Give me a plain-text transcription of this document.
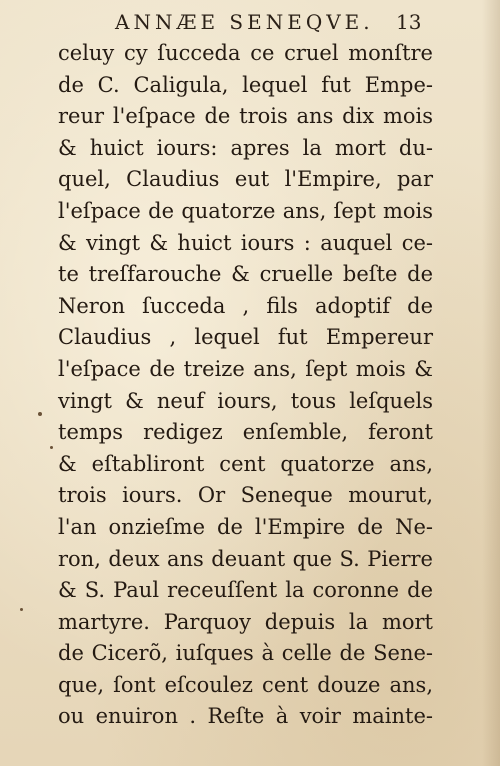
ANNÆE SENEQVE. 13
celuy cy ſucceda ce cruel monſtre
de C. Caligula, lequel fut Empe-
reur l'eſpace de trois ans dix mois
& huict iours: apres la mort du-
quel, Claudius eut l'Empire, par
l'eſpace de quatorze ans, ſept mois
& vingt & huict iours : auquel ce-
te treſfarouche & cruelle beſte de
Neron ſucceda , fils adoptif de
Claudius , lequel fut Empereur
l'eſpace de treize ans, ſept mois &
vingt & neuf iours, tous leſquels
temps redigez enſemble, feront
& eſtabliront cent quatorze ans,
trois iours. Or Seneque mourut,
l'an onzieſme de l'Empire de Ne-
ron, deux ans deuant que S. Pierre
& S. Paul receuſſent la coronne de
martyre. Parquoy depuis la mort
de Cicerõ, iuſques à celle de Sene-
que, ſont eſcoulez cent douze ans,
ou enuiron . Reſte à voir mainte-
